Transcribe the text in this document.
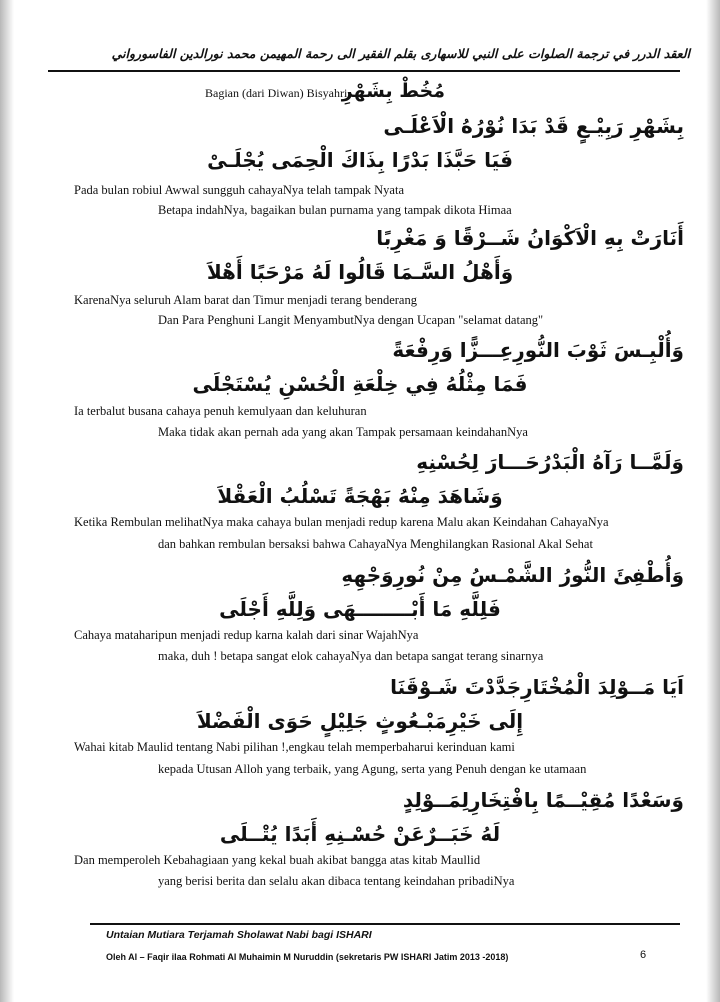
العقد الدرر في ترجمة الصلوات على النبي للاسهارى بقلم الفقير الى رحمة المهيمن محمد نورالدين الفاسورواني
Bagian (dari Diwan) Bisyahri
مُخُطْ بِشَهْرِ
بِشَهْرِ رَبِيْـعٍ قَدْ بَدَا نُوْرُهُ الْاَعْلَـى
فَيَا حَبَّذَا بَدْرًا بِذَاكَ الْحِمَى يُجْلَـىْ
Pada bulan robiul Awwal sungguh cahayaNya telah tampak Nyata
Betapa indahNya, bagaikan bulan purnama yang tampak dikota Himaa
أَنَارَتْ بِهِ الْاَكْوَانُ شَــرْقًا وَ مَغْرِبًا
وَأَهْلُ السَّـمَا قَالُوا لَهُ مَرْحَبًا أَهْلاَ
KarenaNya seluruh Alam barat dan Timur menjadi terang benderang
Dan Para Penghuni Langit MenyambutNya dengan Ucapan "selamat datang"
وَأُلْبِـسَ ثَوْبَ النُّورِعِـــزًّا وَرِفْعَةً
فَمَا مِثْلُهُ فِي خِلْعَةِ الْحُسْنِ يُسْتَجْلَى
Ia terbalut busana cahaya penuh kemulyaan dan keluhuran
Maka tidak akan pernah ada yang akan Tampak persamaan keindahanNya
وَلَمَّــا رَآهُ الْبَدْرُحَـــارَ لِحُسْنِهِ
وَشَاهَدَ مِنْهُ بَهْجَةً تَسْلُبُ الْعَقْلاَ
Ketika Rembulan melihatNya maka cahaya bulan menjadi redup karena Malu akan Keindahan CahayaNya
dan bahkan rembulan bersaksi bahwa CahayaNya Menghilangkan Rasional Akal Sehat
وَأُطْفِئَ النُّورُ الشَّمْـسُ مِنْ نُورِوَجْهِهِ
فَلِلَّهِ مَا أَبْــــــــهَى وَلِلَّهِ أَجْلَى
Cahaya mataharipun menjadi redup karna kalah dari sinar WajahNya
maka, duh ! betapa sangat elok cahayaNya dan betapa sangat terang sinarnya
اَيَا مَــوْلِدَ الْمُخْتَارِجَدَّدْتَ شَـوْقَنَا
إِلَى خَيْرِمَبْـعُوثٍ جَلِيْلٍ حَوَى الْفَضْلاَ
Wahai kitab Maulid tentang Nabi pilihan !,engkau telah memperbaharui kerinduan kami
kepada Utusan Alloh yang terbaik, yang Agung, serta yang Penuh dengan ke utamaan
وَسَعْدًا مُقِيْــمًا بِافْتِخَارِلِمَــوْلِدٍ
لَهُ خَبَــرٌعَنْ حُسْـنِهِ أَبَدًا يُتْــلَى
Dan memperoleh Kebahagiaan yang kekal buah akibat bangga atas kitab Maullid
yang berisi berita dan selalu akan dibaca tentang keindahan pribadiNya
Untaian Mutiara Terjamah Sholawat Nabi bagi ISHARI
Oleh Al – Faqir ilaa Rohmati Al Muhaimin M Nuruddin (sekretaris PW ISHARI Jatim 2013 -2018)	6
